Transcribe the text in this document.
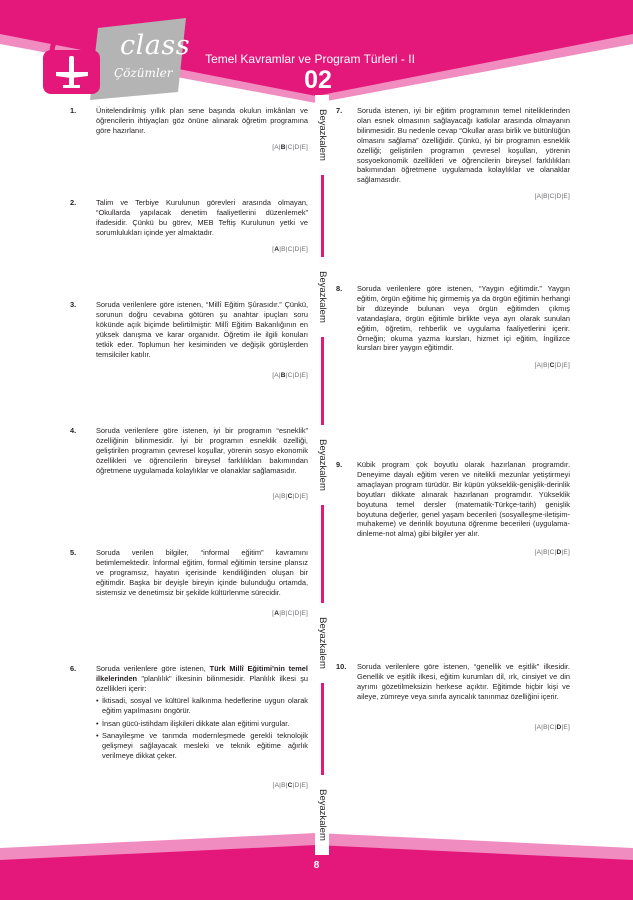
class
Çözümler
Temel Kavramlar ve Program Türleri - II
02
Beyazkalem
Beyazkalem
Beyazkalem
Beyazkalem
Beyazkalem
1.	Ünitelendirilmiş yıllık plan sene başında okulun imkânları ve öğrencilerin ihtiyaçları göz önüne alınarak öğretim programına göre hazırlanır.
[A|B|C|D|E]
2.	Talim ve Terbiye Kurulunun görevleri arasında olmayan, “Okullarda yapılacak denetim faaliyetlerini düzenlemek” ifadesidir. Çünkü bu görev, MEB Teftiş Kurulunun yetki ve sorumlulukları içinde yer almaktadır.
[A|B|C|D|E]
3.	Soruda verilenlere göre istenen, “Millî Eğitim Şûrasıdır.” Çünkü, sorunun doğru cevabına götüren şu anahtar ipuçları soru kökünde açık biçimde belirtilmiştir: Millî Eğitim Bakanlığının en yüksek danışma ve karar organıdır. Öğretim ile ilgili konuları tetkik eder. Toplumun her kesiminden ve değişik görüşlerden temsilciler katılır.
[A|B|C|D|E]
4.	Soruda verilenlere göre istenen, iyi bir programın “esneklik” özelliğinin bilinmesidir. İyi bir programın esneklik özelliği, geliştirilen programın çevresel koşullar, yörenin sosyo ekonomik özellikleri ve öğrencilerin bireysel farklılıkları bakımından öğretmene uygulamada kolaylıklar ve olanaklar sağlamasıdır.
[A|B|C|D|E]
5.	Soruda verilen bilgiler, “informal eğitim” kavramını betimlemektedir. İnformal eğitim, formal eğitimin tersine plansız ve programsız, hayatın içerisinde kendiliğinden oluşan bir eğitimdir. Başka bir deyişle bireyin içinde bulunduğu ortamda, sistemsiz ve denetimsiz bir şekilde kültürlenme sürecidir.
[A|B|C|D|E]
6.	Soruda verilenlere göre istenen, Türk Millî Eğitimi'nin temel ilkelerinden "planlılık" ilkesinin bilinmesidir. Planlılık ilkesi şu özellikleri içerir:

• İktisadi, sosyal ve kültürel kalkınma hedeflerine uygun olarak eğitim yapılmasını öngörür.
• İnsan gücü-istihdam ilişkileri dikkate alan eğitimi vurgular.
• Sanayileşme ve tarımda modernleşmede gerekli teknolojik gelişmeyi sağlayacak mesleki ve teknik eğitime ağırlık verilmeye dikkat çeker.
[A|B|C|D|E]
7. Soruda istenen, iyi bir eğitim programının temel niteliklerinden olan esnek olmasının sağlayacağı katkılar arasında olmayanın bilinmesidir. Bu nedenle cevap “Okullar arası birlik ve bütünlüğün olmasını sağlama” özelliğidir. Çünkü, iyi bir programın esneklik özelliği; geliştirilen programın çevresel koşulları, yörenin sosyoekonomik özellikleri ve öğrencilerin bireysel farklılıkları bakımından öğretmene uygulamada kolaylıklar ve olanaklar sağlamasıdır.
[A|B|C|D|E]
8. Soruda verilenlere göre istenen, “Yaygın eğitimdir.” Yaygın eğitim, örgün eğitime hiç girmemiş ya da örgün eğitimin herhangi bir düzeyinde bulunan veya örgün eğitimden çıkmış vatandaşlara, örgün eğitimle birlikte veya ayrı olarak sunulan eğitim, öğretim, rehberlik ve uygulama faaliyetlerini içerir. Örneğin; okuma yazma kursları, hizmet içi eğitim, İngilizce kursları birer yaygın eğitimdir.
[A|B|C|D|E]
9. Kübik program çok boyutlu olarak hazırlanan programdır. Deneyime dayalı eğitim veren ve nitelikli mezunlar yetiştirmeyi amaçlayan program türüdür. Bir küpün yükseklik-genişlik-derinlik boyutları dikkate alınarak hazırlanan programdır. Yükseklik boyutuna temel dersler (matematik-Türkçe-tarih) genişlik boyutuna değerler, genel yaşam becerileri (sosyalleşme-iletişim-muhakeme) ve derinlik boyutuna öğrenme becerileri (uygulama-dinleme-not alma) gibi bilgiler yer alır.
[A|B|C|D|E]
10. Soruda verilenlere göre istenen, “genellik ve eşitlik” ilkesidir. Genellik ve eşitlik ilkesi, eğitim kurumları dil, ırk, cinsiyet ve din ayrımı gözetilmeksizin herkese açıktır. Eğitimde hiçbir kişi ve aileye, zümreye veya sınıfa ayrıcalık tanınmaz özelliğini içerir.
[A|B|C|D|E]
8
